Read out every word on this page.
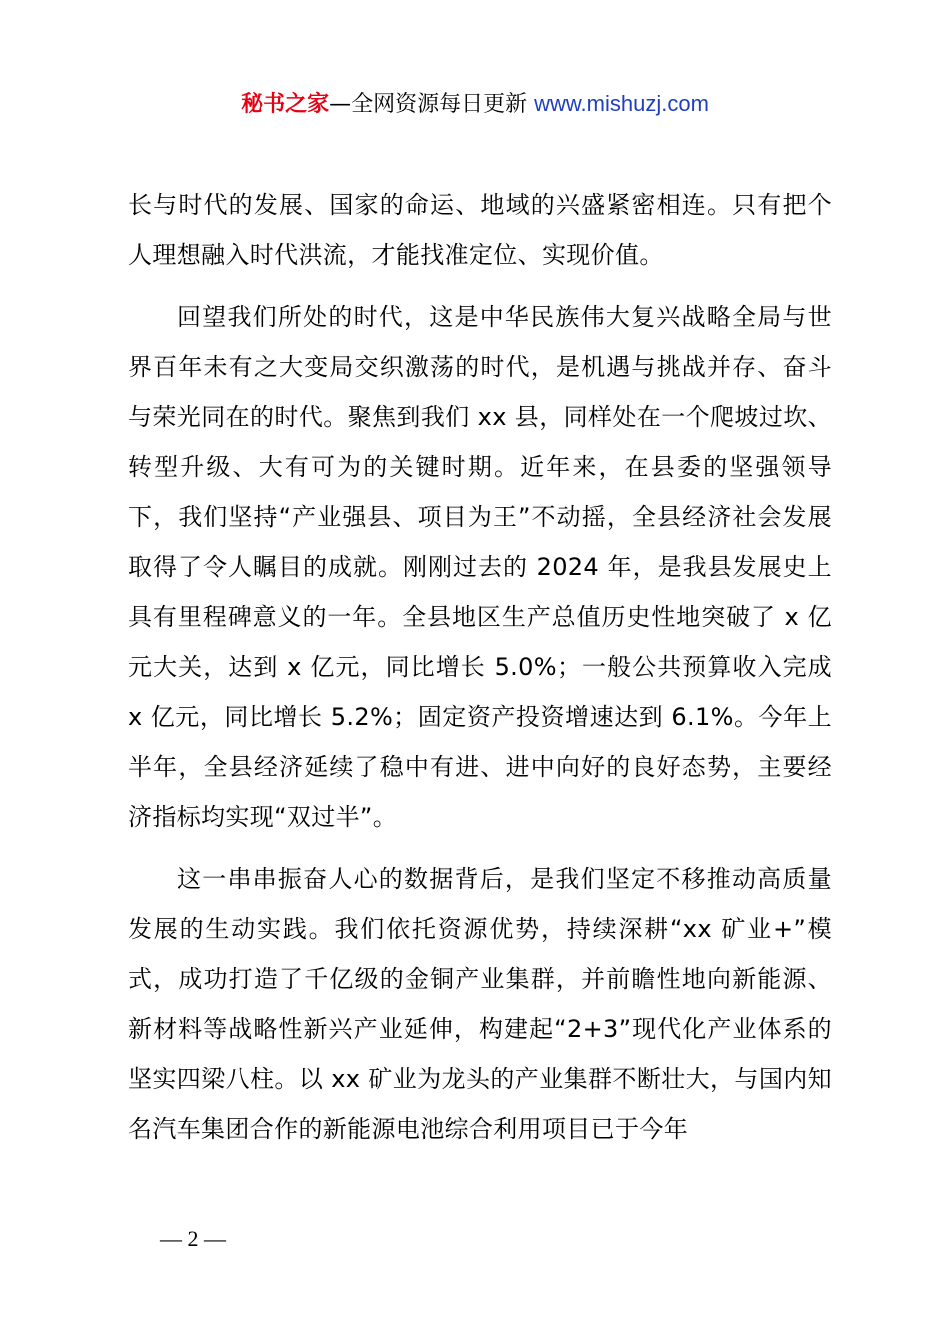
秘书之家—全网资源每日更新 www.mishuzj.com

长与时代的发展、国家的命运、地域的兴盛紧密相连。只有把个人理想融入时代洪流，才能找准定位、实现价值。

回望我们所处的时代，这是中华民族伟大复兴战略全局与世界百年未有之大变局交织激荡的时代，是机遇与挑战并存、奋斗与荣光同在的时代。聚焦到我们 xx 县，同样处在一个爬坡过坎、转型升级、大有可为的关键时期。近年来，在县委的坚强领导下，我们坚持“产业强县、项目为王”不动摇，全县经济社会发展取得了令人瞩目的成就。刚刚过去的 2024 年，是我县发展史上具有里程碑意义的一年。全县地区生产总值历史性地突破了 x 亿元大关，达到 x 亿元，同比增长 5.0%；一般公共预算收入完成 x 亿元，同比增长 5.2%；固定资产投资增速达到 6.1%。今年上半年，全县经济延续了稳中有进、进中向好的良好态势，主要经济指标均实现“双过半”。

这一串串振奋人心的数据背后，是我们坚定不移推动高质量发展的生动实践。我们依托资源优势，持续深耕“xx 矿业+”模式，成功打造了千亿级的金铜产业集群，并前瞻性地向新能源、新材料等战略性新兴产业延伸，构建起“2+3”现代化产业体系的坚实四梁八柱。以 xx 矿业为龙头的产业集群不断壮大，与国内知名汽车集团合作的新能源电池综合利用项目已于今年

— 2 —
